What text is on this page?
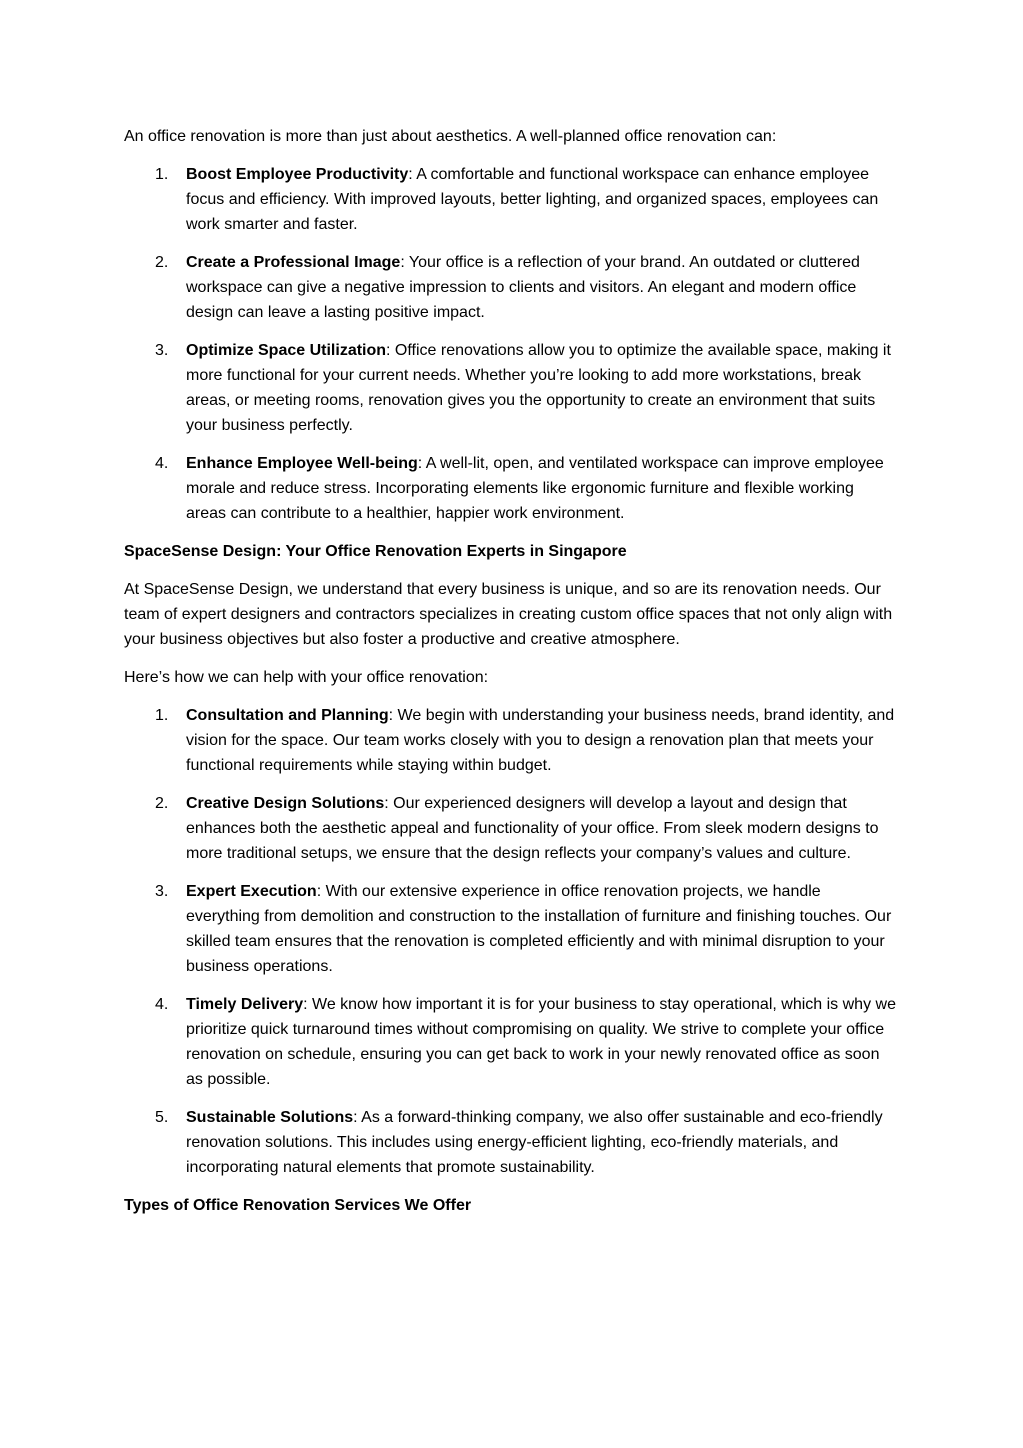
An office renovation is more than just about aesthetics. A well-planned office renovation can:

1. Boost Employee Productivity: A comfortable and functional workspace can enhance employee focus and efficiency. With improved layouts, better lighting, and organized spaces, employees can work smarter and faster.
2. Create a Professional Image: Your office is a reflection of your brand. An outdated or cluttered workspace can give a negative impression to clients and visitors. An elegant and modern office design can leave a lasting positive impact.
3. Optimize Space Utilization: Office renovations allow you to optimize the available space, making it more functional for your current needs. Whether you’re looking to add more workstations, break areas, or meeting rooms, renovation gives you the opportunity to create an environment that suits your business perfectly.
4. Enhance Employee Well-being: A well-lit, open, and ventilated workspace can improve employee morale and reduce stress. Incorporating elements like ergonomic furniture and flexible working areas can contribute to a healthier, happier work environment.

SpaceSense Design: Your Office Renovation Experts in Singapore

At SpaceSense Design, we understand that every business is unique, and so are its renovation needs. Our team of expert designers and contractors specializes in creating custom office spaces that not only align with your business objectives but also foster a productive and creative atmosphere.

Here’s how we can help with your office renovation:

1. Consultation and Planning: We begin with understanding your business needs, brand identity, and vision for the space. Our team works closely with you to design a renovation plan that meets your functional requirements while staying within budget.
2. Creative Design Solutions: Our experienced designers will develop a layout and design that enhances both the aesthetic appeal and functionality of your office. From sleek modern designs to more traditional setups, we ensure that the design reflects your company’s values and culture.
3. Expert Execution: With our extensive experience in office renovation projects, we handle everything from demolition and construction to the installation of furniture and finishing touches. Our skilled team ensures that the renovation is completed efficiently and with minimal disruption to your business operations.
4. Timely Delivery: We know how important it is for your business to stay operational, which is why we prioritize quick turnaround times without compromising on quality. We strive to complete your office renovation on schedule, ensuring you can get back to work in your newly renovated office as soon as possible.
5. Sustainable Solutions: As a forward-thinking company, we also offer sustainable and eco-friendly renovation solutions. This includes using energy-efficient lighting, eco-friendly materials, and incorporating natural elements that promote sustainability.

Types of Office Renovation Services We Offer
